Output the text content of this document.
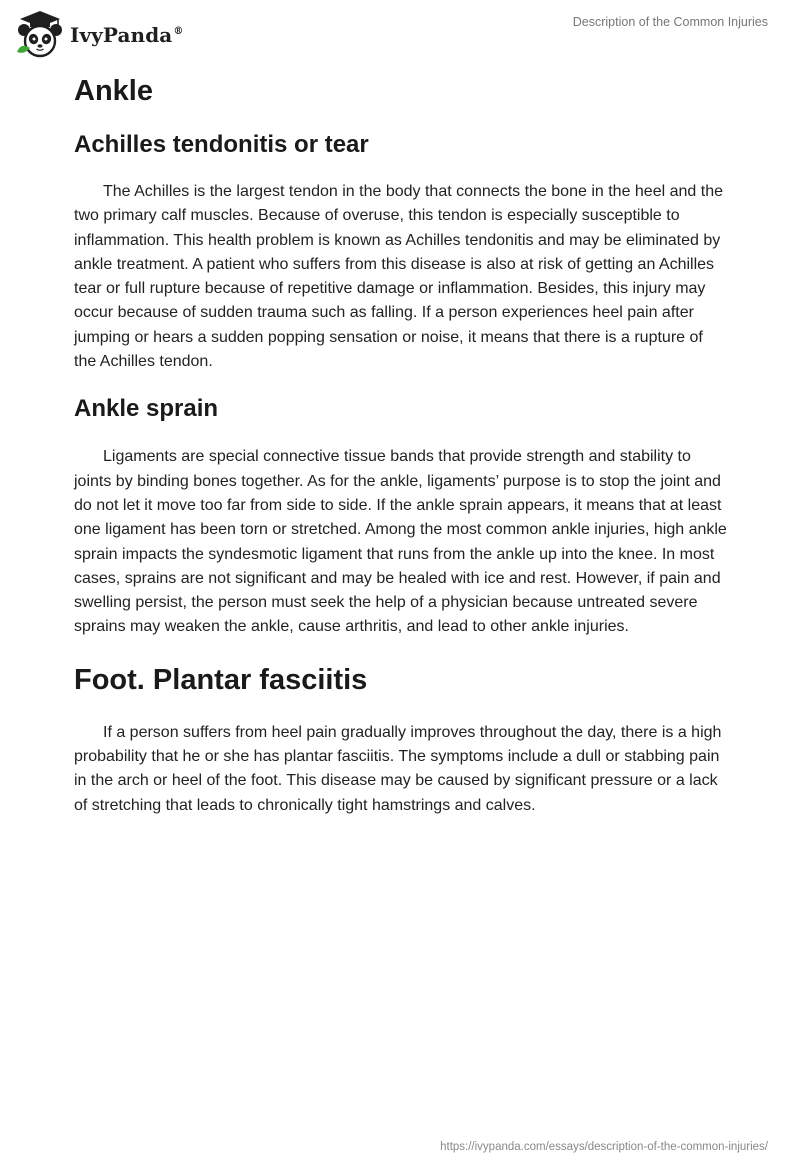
IvyPanda®
Description of the Common Injuries
Ankle
Achilles tendonitis or tear

The Achilles is the largest tendon in the body that connects the bone in the heel and the two primary calf muscles. Because of overuse, this tendon is especially susceptible to inflammation. This health problem is known as Achilles tendonitis and may be eliminated by ankle treatment. A patient who suffers from this disease is also at risk of getting an Achilles tear or full rupture because of repetitive damage or inflammation. Besides, this injury may occur because of sudden trauma such as falling. If a person experiences heel pain after jumping or hears a sudden popping sensation or noise, it means that there is a rupture of the Achilles tendon.

Ankle sprain

Ligaments are special connective tissue bands that provide strength and stability to joints by binding bones together. As for the ankle, ligaments’ purpose is to stop the joint and do not let it move too far from side to side. If the ankle sprain appears, it means that at least one ligament has been torn or stretched. Among the most common ankle injuries, high ankle sprain impacts the syndesmotic ligament that runs from the ankle up into the knee. In most cases, sprains are not significant and may be healed with ice and rest. However, if pain and swelling persist, the person must seek the help of a physician because untreated severe sprains may weaken the ankle, cause arthritis, and lead to other ankle injuries.

Foot. Plantar fasciitis

If a person suffers from heel pain gradually improves throughout the day, there is a high probability that he or she has plantar fasciitis. The symptoms include a dull or stabbing pain in the arch or heel of the foot. This disease may be caused by significant pressure or a lack of stretching that leads to chronically tight hamstrings and calves.

https://ivypanda.com/essays/description-of-the-common-injuries/
